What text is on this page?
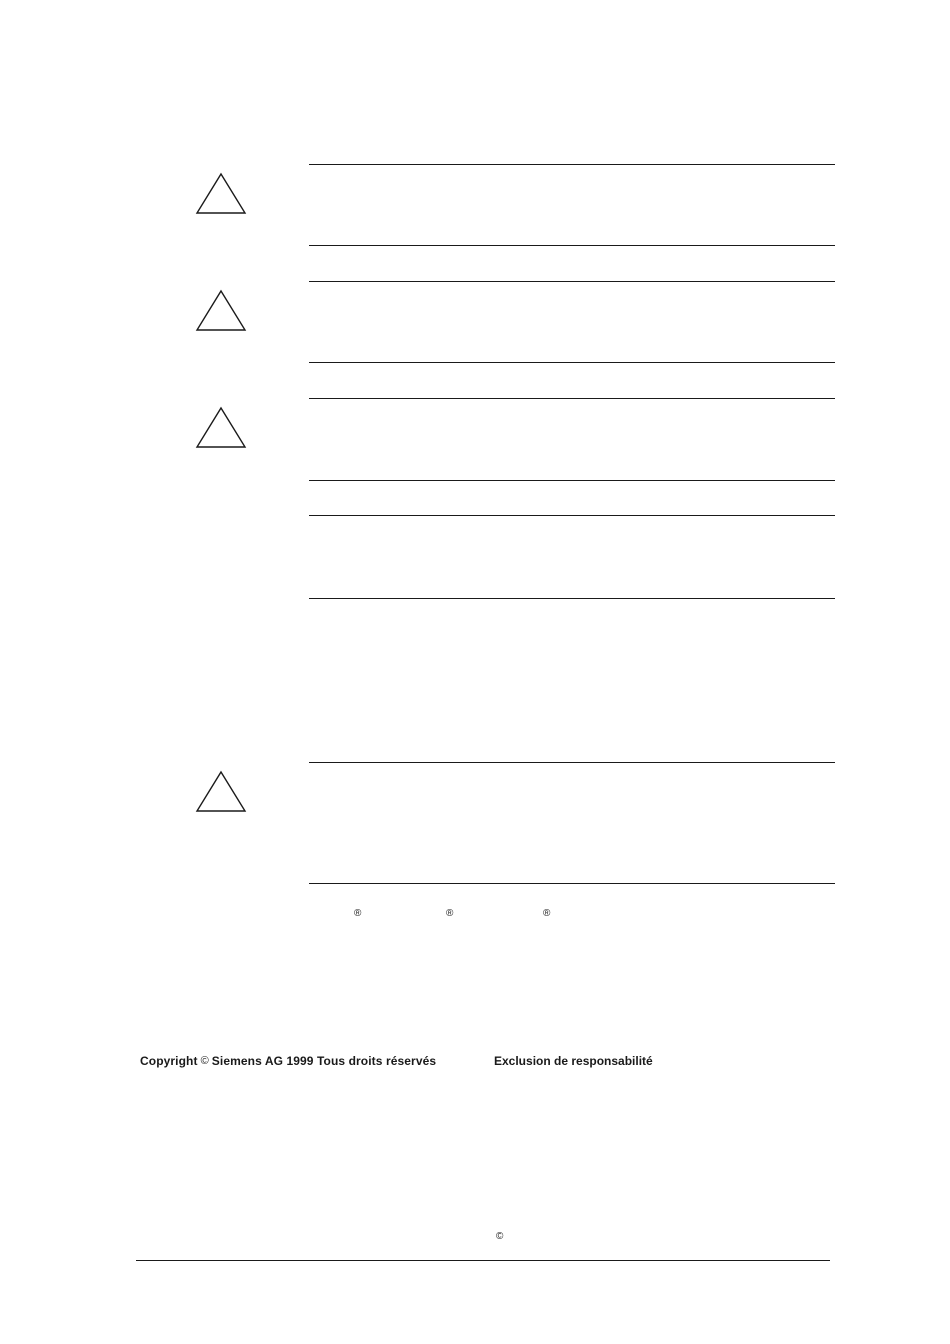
®	®	®
Copyright © Siemens AG 1999 Tous droits réservés	Exclusion de responsabilité
©
